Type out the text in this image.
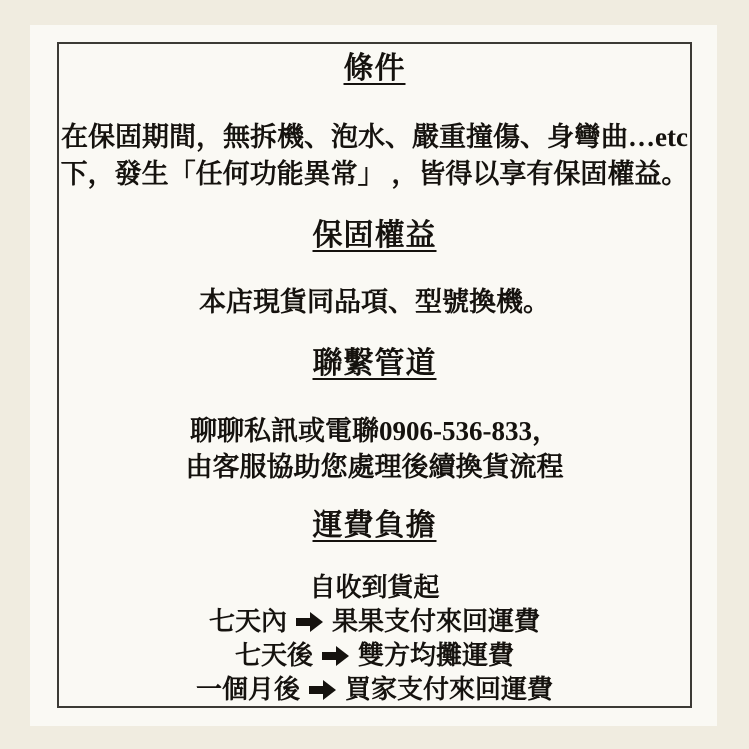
條件
在保固期間，無拆機、泡水、嚴重撞傷、身彎曲…etc
下，發生「任何功能異常」 ，皆得以享有保固權益。
保固權益
本店現貨同品項、型號換機。
聯繫管道
聊聊私訊或電聯0906-536-833，
由客服協助您處理後續換貨流程
運費負擔
自收到貨起
七天內 果果支付來回運費
七天後 雙方均攤運費
一個月後 買家支付來回運費
